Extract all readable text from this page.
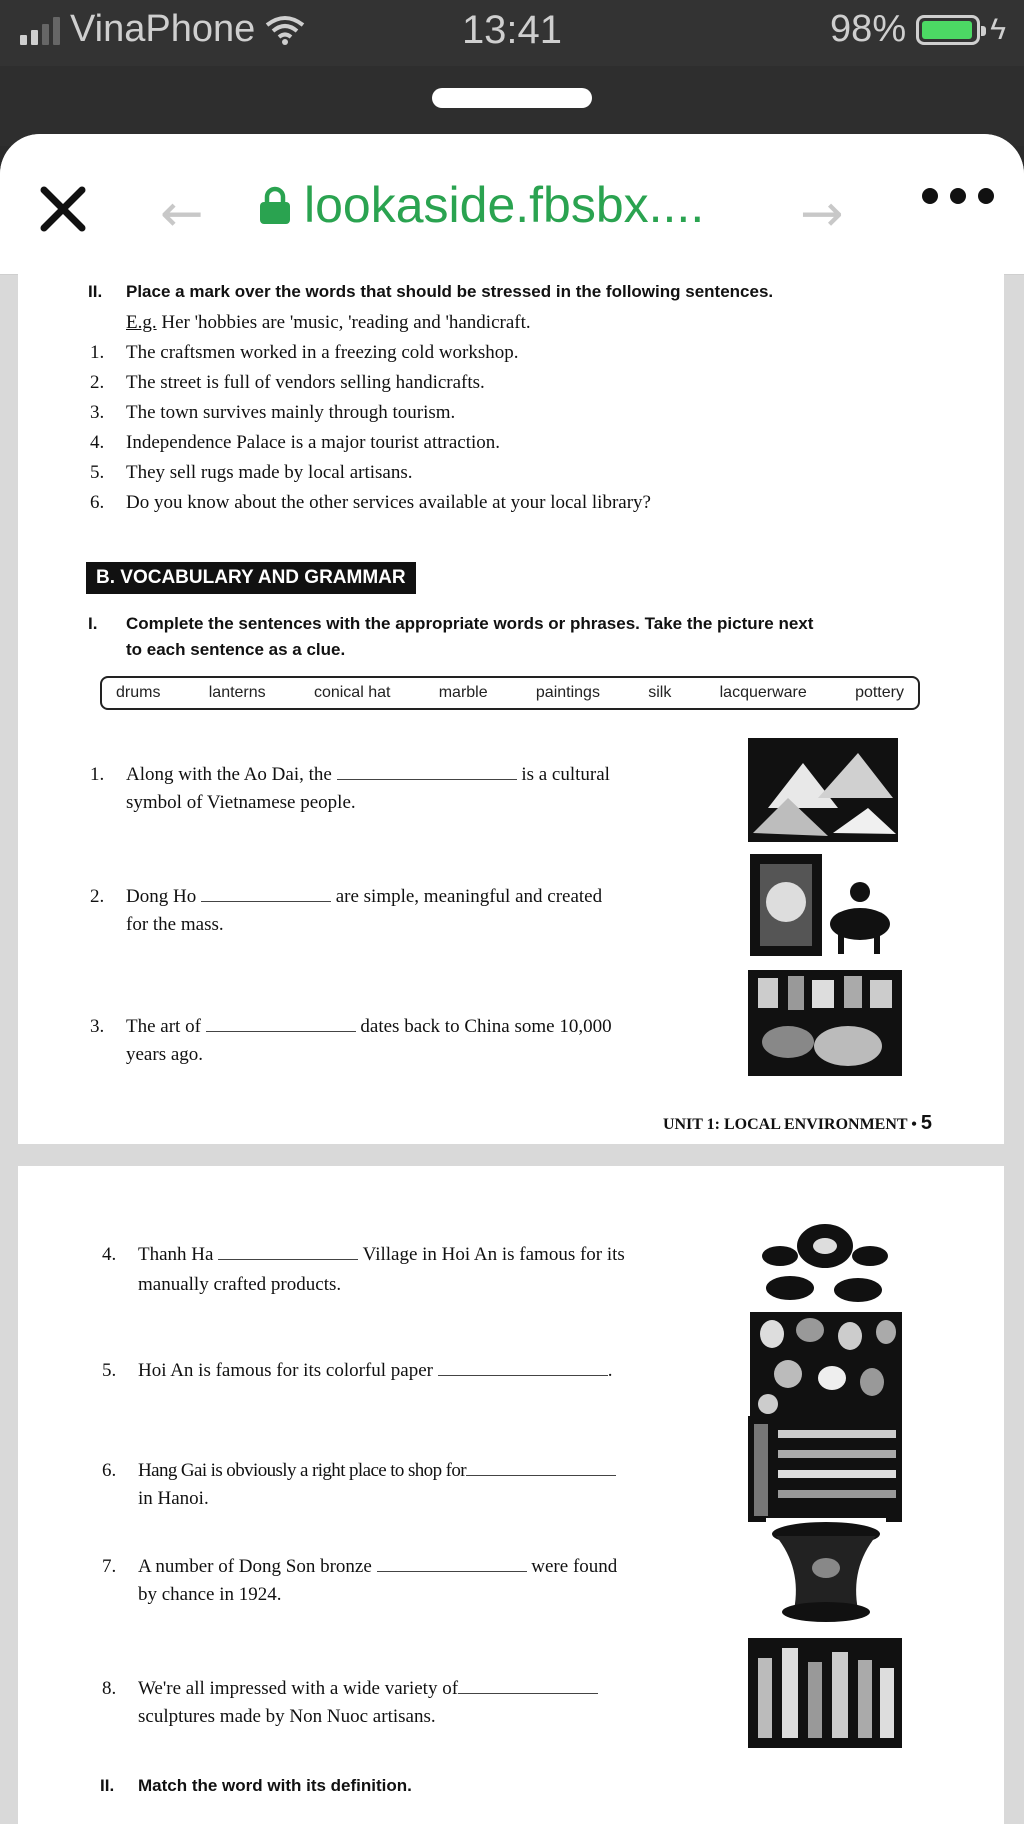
VinaPhone	13:41	98%	ϟ
← lookaside.fbsbx.... →
II. Place a mark over the words that should be stressed in the following sentences.
E.g. Her 'hobbies are 'music, 'reading and 'handicraft.
1. The craftsmen worked in a freezing cold workshop.
2. The street is full of vendors selling handicrafts.
3. The town survives mainly through tourism.
4. Independence Palace is a major tourist attraction.
5. They sell rugs made by local artisans.
6. Do you know about the other services available at your local library?
B. VOCABULARY AND GRAMMAR
I. Complete the sentences with the appropriate words or phrases. Take the picture next
to each sentence as a clue.
drums	lanterns	conical hat	marble	paintings	silk	lacquerware	pottery
1. Along with the Ao Dai, the	is a cultural
symbol of Vietnamese people.
2. Dong Ho	are simple, meaningful and created
for the mass.
3. The art of	dates back to China some 10,000
years ago.
UNIT 1: LOCAL ENVIRONMENT • 5
4. Thanh Ha	Village in Hoi An is famous for its
manually crafted products.
5. Hoi An is famous for its colorful paper	.
6. Hang Gai is obviously a right place to shop for
in Hanoi.
7. A number of Dong Son bronze	were found
by chance in 1924.
8. We're all impressed with a wide variety of
sculptures made by Non Nuoc artisans.
II. Match the word with its definition.
